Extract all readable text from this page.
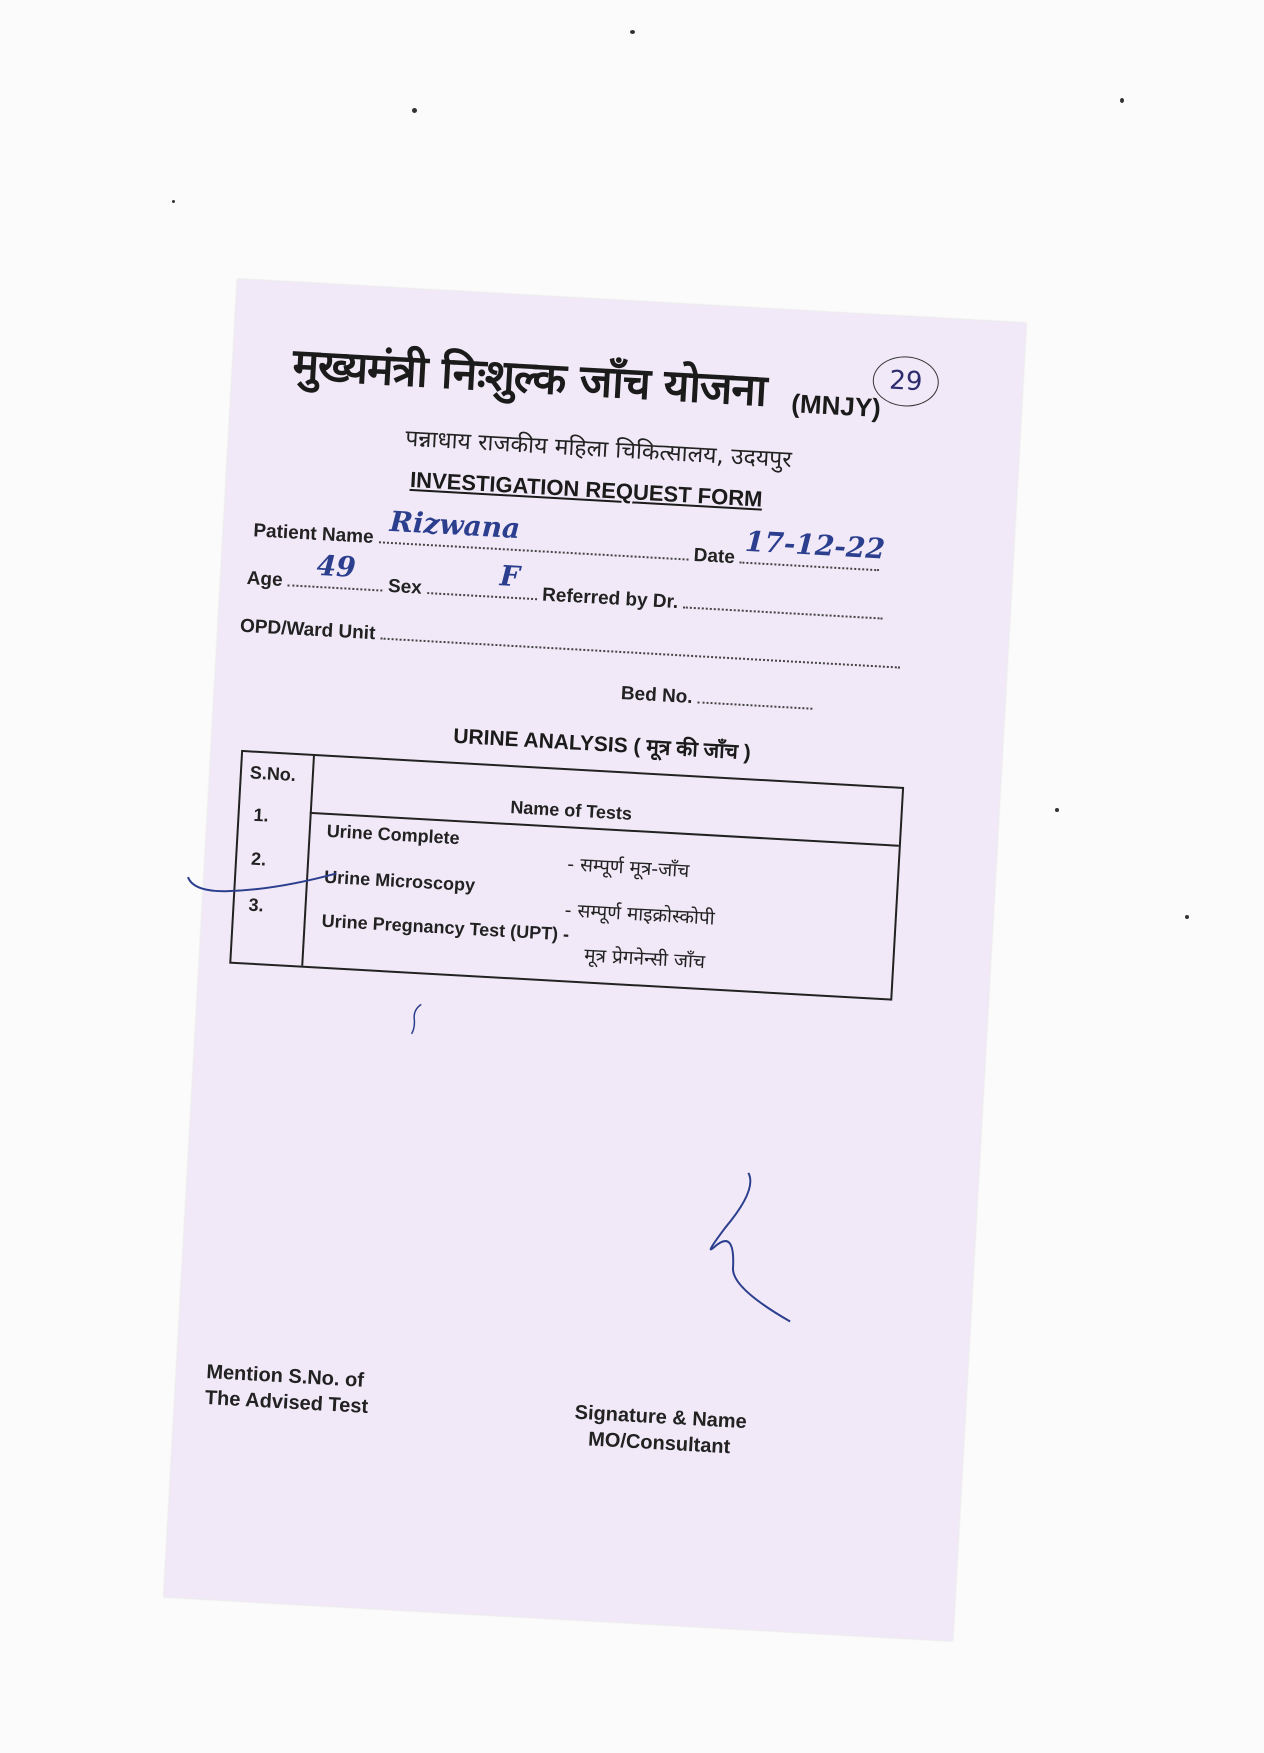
मुख्यमंत्री निःशुल्क जाँच योजना (MNJY)
29
पन्नाधाय राजकीय महिला चिकित्सालय, उदयपुर
INVESTIGATION REQUEST FORM
Patient Name Rizwana
Date 17-12-22
Age 49
Sex	F
Referred by Dr.
OPD/Ward Unit
Bed No.
URINE ANALYSIS ( मूत्र की जाँच )
S.No.
Name of Tests
1.
Urine Complete
- सम्पूर्ण मूत्र-जाँच
2.
Urine Microscopy
- सम्पूर्ण माइक्रोस्कोपी
3.
Urine Pregnancy Test (UPT) -
मूत्र प्रेगनेन्सी जाँच
Mention S.No. of
The Advised Test	Signature & Name
MO/Consultant
